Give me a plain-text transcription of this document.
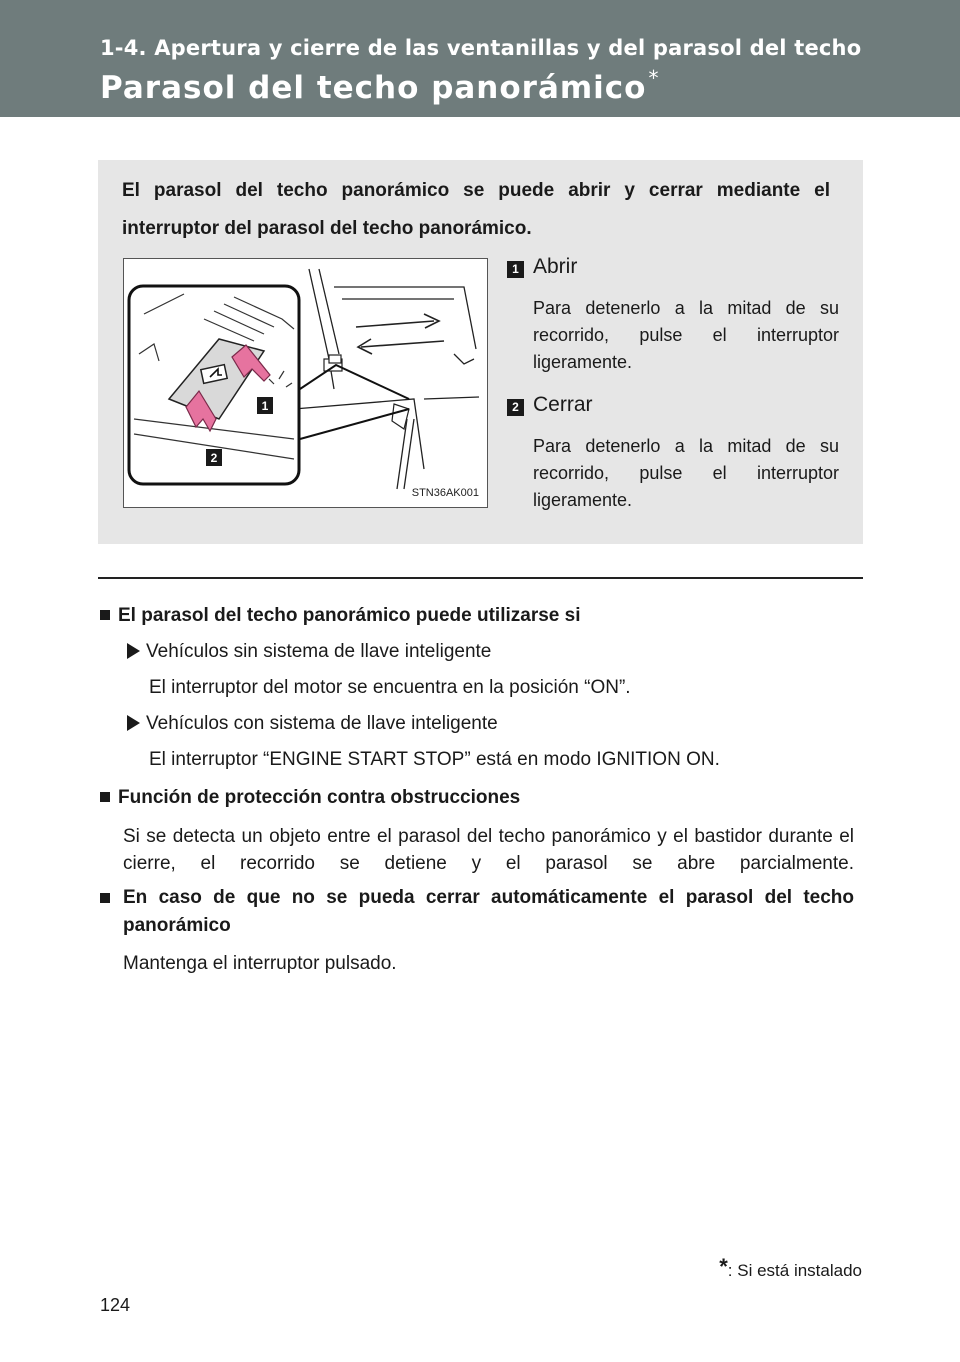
1-4. Apertura y cierre de las ventanillas y del parasol del techo
Parasol del techo panorámico *
El parasol del techo panorámico se puede abrir y cerrar mediante el interruptor del parasol del techo panorámico.
1
2
STN36AK001
1 Abrir
Para detenerlo a la mitad de su recorrido, pulse el interruptor ligeramente.
2 Cerrar
Para detenerlo a la mitad de su recorrido, pulse el interruptor ligeramente.
El parasol del techo panorámico puede utilizarse si
Vehículos sin sistema de llave inteligente
El interruptor del motor se encuentra en la posición “ON”.
Vehículos con sistema de llave inteligente
El interruptor “ENGINE START STOP” está en modo IGNITION ON.
Función de protección contra obstrucciones
Si se detecta un objeto entre el parasol del techo panorámico y el bastidor durante el cierre, el recorrido se detiene y el parasol se abre parcialmente.
En caso de que no se pueda cerrar automáticamente el parasol del techo panorámico
Mantenga el interruptor pulsado.
*: Si está instalado
124
